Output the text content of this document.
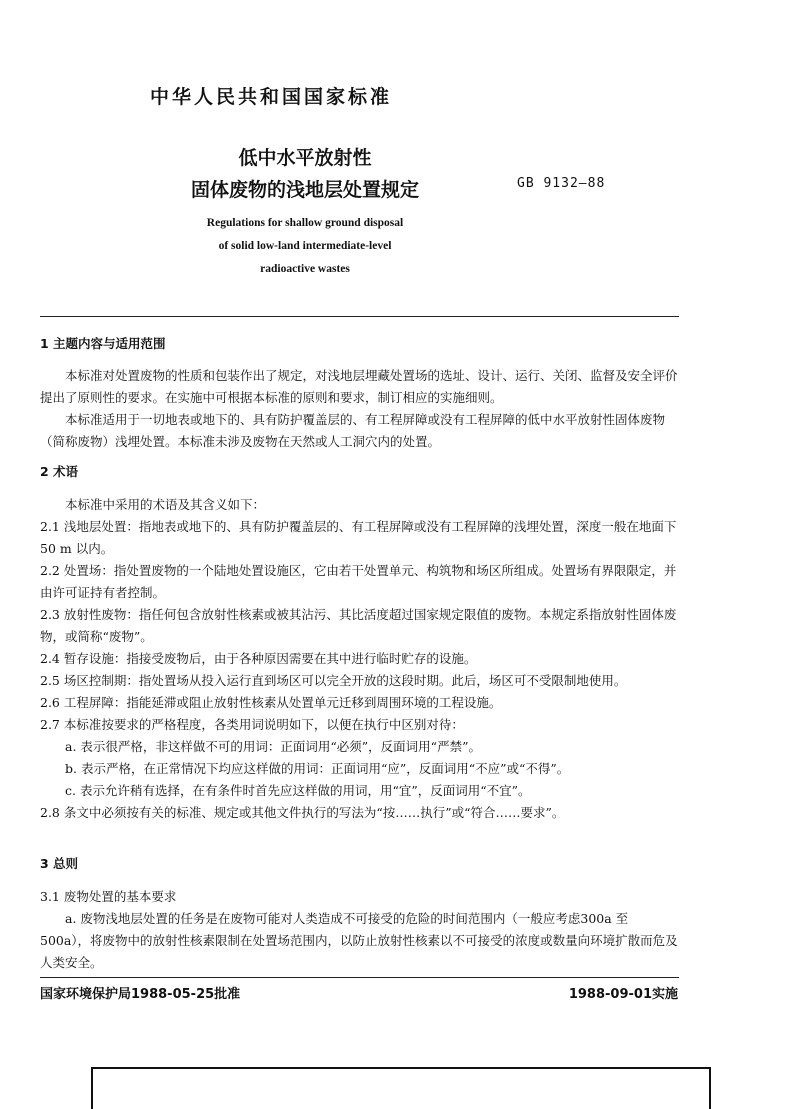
中华人民共和国国家标准
低中水平放射性
固体废物的浅地层处置规定	GB 9132—88
Regulations for shallow ground disposal
of solid low-land intermediate-level
radioactive wastes
1 主题内容与适用范围
本标准对处置废物的性质和包装作出了规定，对浅地层埋藏处置场的选址、设计、运行、关闭、监督及安全评价提出了原则性的要求。在实施中可根据本标准的原则和要求，制订相应的实施细则。
本标准适用于一切地表或地下的、具有防护覆盖层的、有工程屏障或没有工程屏障的低中水平放射性固体废物（简称废物）浅埋处置。本标准未涉及废物在天然或人工洞穴内的处置。
2 术语
本标准中采用的术语及其含义如下：
2.1 浅地层处置：指地表或地下的、具有防护覆盖层的、有工程屏障或没有工程屏障的浅埋处置，深度一般在地面下 50 m 以内。
2.2 处置场：指处置废物的一个陆地处置设施区，它由若干处置单元、构筑物和场区所组成。处置场有界限限定，并由许可证持有者控制。
2.3 放射性废物：指任何包含放射性核素或被其沾污、其比活度超过国家规定限值的废物。本规定系指放射性固体废物，或简称“废物”。
2.4 暂存设施：指接受废物后，由于各种原因需要在其中进行临时贮存的设施。
2.5 场区控制期：指处置场从投入运行直到场区可以完全开放的这段时期。此后，场区可不受限制地使用。
2.6 工程屏障：指能延滞或阻止放射性核素从处置单元迁移到周围环境的工程设施。
2.7 本标准按要求的严格程度，各类用词说明如下，以便在执行中区别对待：
a. 表示很严格，非这样做不可的用词：正面词用“必须”，反面词用“严禁”。
b. 表示严格，在正常情况下均应这样做的用词：正面词用“应”，反面词用“不应”或“不得”。
c. 表示允许稍有选择，在有条件时首先应这样做的用词，用“宜”，反面词用“不宜”。
2.8 条文中必须按有关的标准、规定或其他文件执行的写法为“按……执行”或“符合……要求”。
3 总则
3.1 废物处置的基本要求
a. 废物浅地层处置的任务是在废物可能对人类造成不可接受的危险的时间范围内（一般应考虑300a 至 500a），将废物中的放射性核素限制在处置场范围内，以防止放射性核素以不可接受的浓度或数量向环境扩散而危及人类安全。
国家环境保护局1988-05-25批准	1988-09-01实施
